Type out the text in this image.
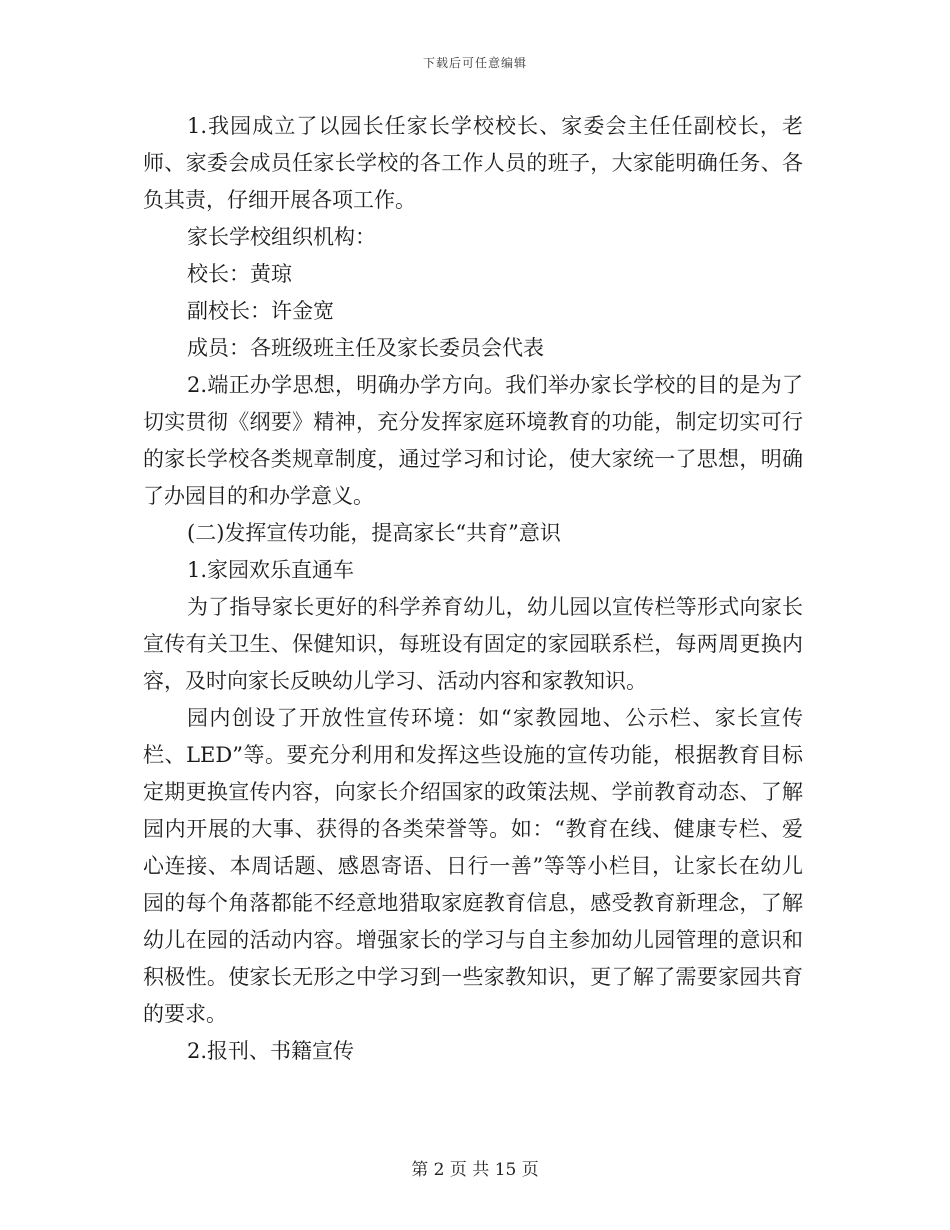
下载后可任意编辑

1.我园成立了以园长任家长学校校长、家委会主任任副校长，老师、家委会成员任家长学校的各工作人员的班子，大家能明确任务、各负其责，仔细开展各项工作。

家长学校组织机构：

校长：黄琼

副校长：许金宽

成员：各班级班主任及家长委员会代表

2.端正办学思想，明确办学方向。我们举办家长学校的目的是为了切实贯彻《纲要》精神，充分发挥家庭环境教育的功能，制定切实可行的家长学校各类规章制度，通过学习和讨论，使大家统一了思想，明确了办园目的和办学意义。

(二)发挥宣传功能，提高家长“共育”意识

1.家园欢乐直通车

为了指导家长更好的科学养育幼儿，幼儿园以宣传栏等形式向家长宣传有关卫生、保健知识，每班设有固定的家园联系栏，每两周更换内容，及时向家长反映幼儿学习、活动内容和家教知识。

园内创设了开放性宣传环境：如“家教园地、公示栏、家长宣传栏、LED”等。要充分利用和发挥这些设施的宣传功能，根据教育目标定期更换宣传内容，向家长介绍国家的政策法规、学前教育动态、了解园内开展的大事、获得的各类荣誉等。如：“教育在线、健康专栏、爱心连接、本周话题、感恩寄语、日行一善”等等小栏目，让家长在幼儿园的每个角落都能不经意地猎取家庭教育信息，感受教育新理念，了解幼儿在园的活动内容。增强家长的学习与自主参加幼儿园管理的意识和积极性。使家长无形之中学习到一些家教知识，更了解了需要家园共育的要求。

2.报刊、书籍宣传

第 2 页 共 15 页
